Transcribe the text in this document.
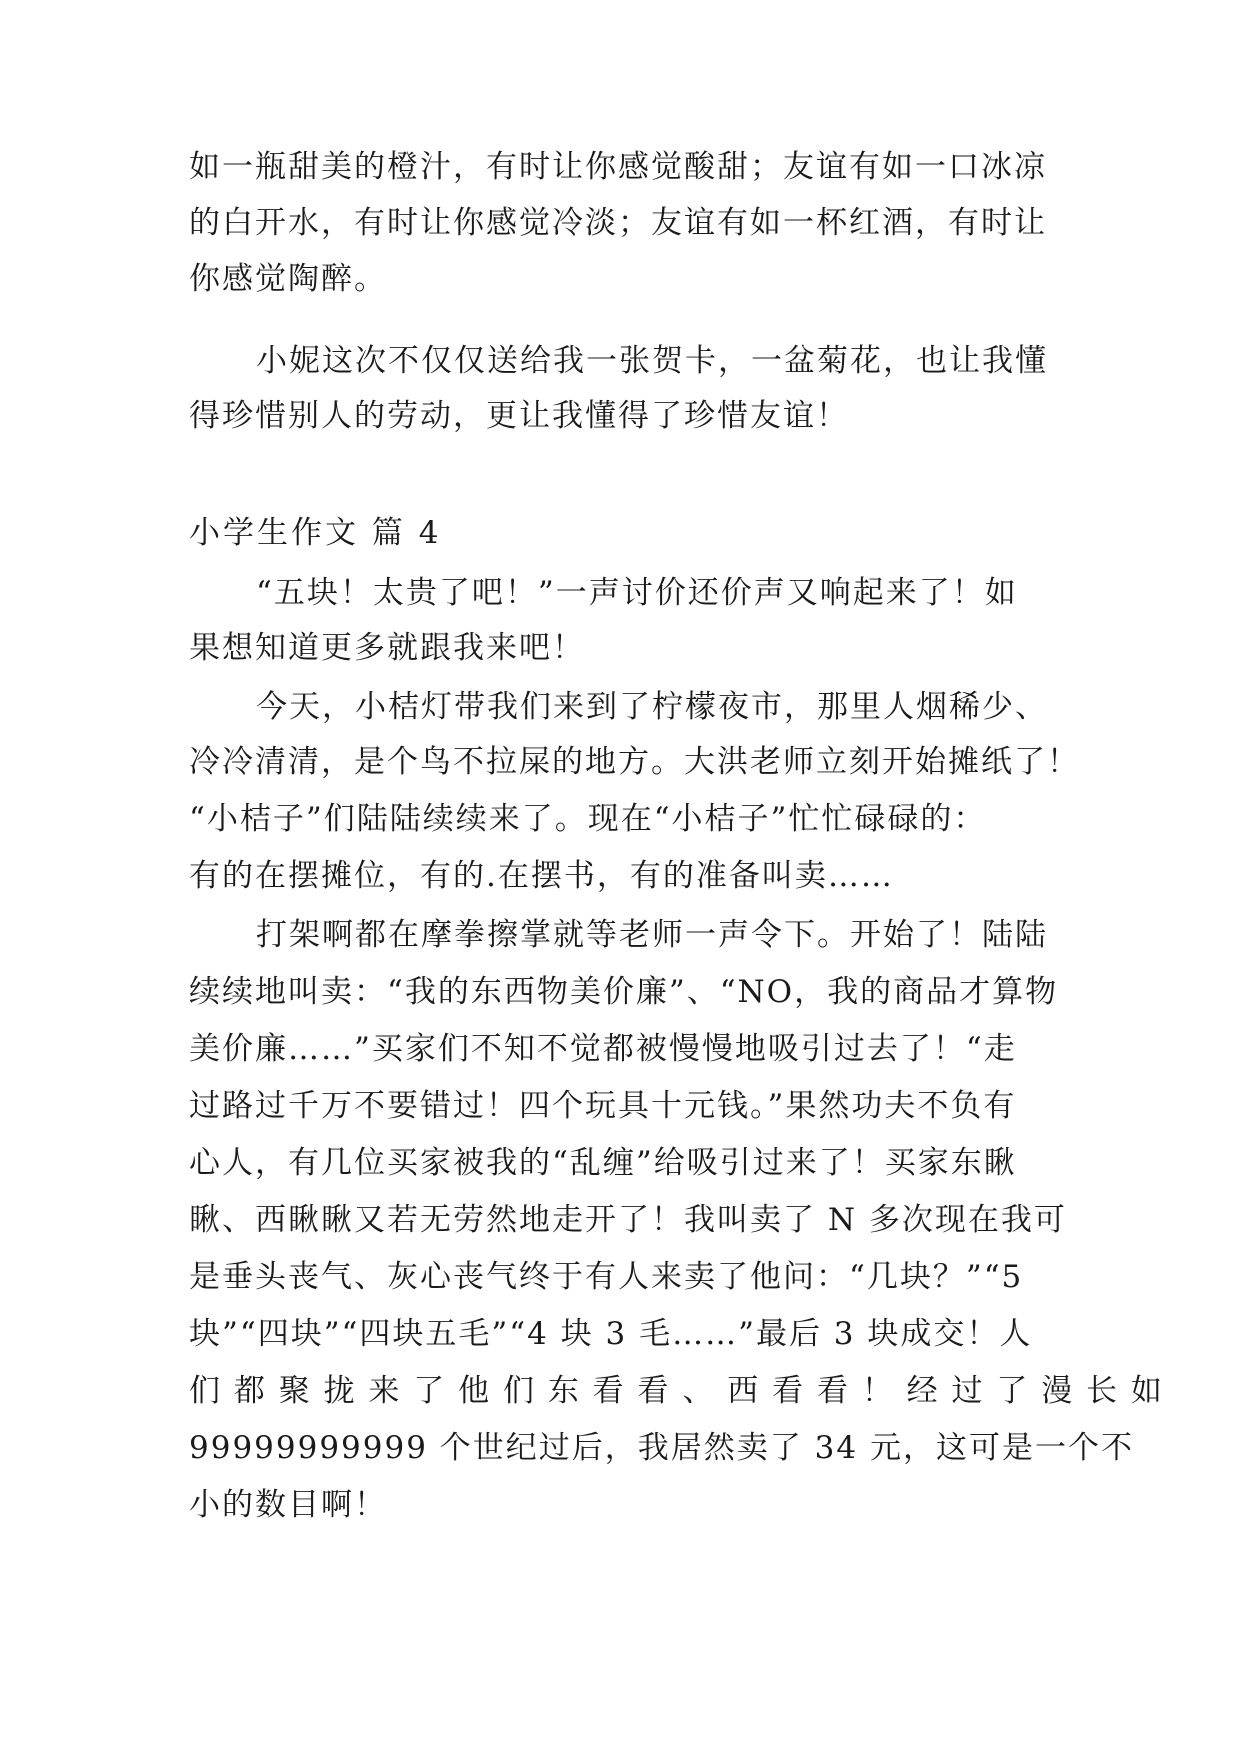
如一瓶甜美的橙汁，有时让你感觉酸甜；友谊有如一口冰凉
的白开水，有时让你感觉冷淡；友谊有如一杯红酒，有时让
你感觉陶醉。
小妮这次不仅仅送给我一张贺卡，一盆菊花，也让我懂
得珍惜别人的劳动，更让我懂得了珍惜友谊！
小学生作文 篇 4
“五块！太贵了吧！”一声讨价还价声又响起来了！如
果想知道更多就跟我来吧！
今天，小桔灯带我们来到了柠檬夜市，那里人烟稀少、
冷冷清清，是个鸟不拉屎的地方。大洪老师立刻开始摊纸了！
“小桔子”们陆陆续续来了。现在“小桔子”忙忙碌碌的：
有的在摆摊位，有的.在摆书，有的准备叫卖……
打架啊都在摩拳擦掌就等老师一声令下。开始了！陆陆
续续地叫卖：“我的东西物美价廉”、“NO，我的商品才算物
美价廉……”买家们不知不觉都被慢慢地吸引过去了！“走
过路过千万不要错过！四个玩具十元钱。”果然功夫不负有
心人，有几位买家被我的“乱缠”给吸引过来了！买家东瞅
瞅、西瞅瞅又若无劳然地走开了！我叫卖了 N 多次现在我可
是垂头丧气、灰心丧气终于有人来卖了他问：“几块？”“5
块”“四块”“四块五毛”“4 块 3 毛……”最后 3 块成交！人
们 都 聚 拢 来 了 他 们 东 看 看 、 西 看 看 ！ 经 过 了 漫 长 如
99999999999 个世纪过后，我居然卖了 34 元，这可是一个不
小的数目啊！
